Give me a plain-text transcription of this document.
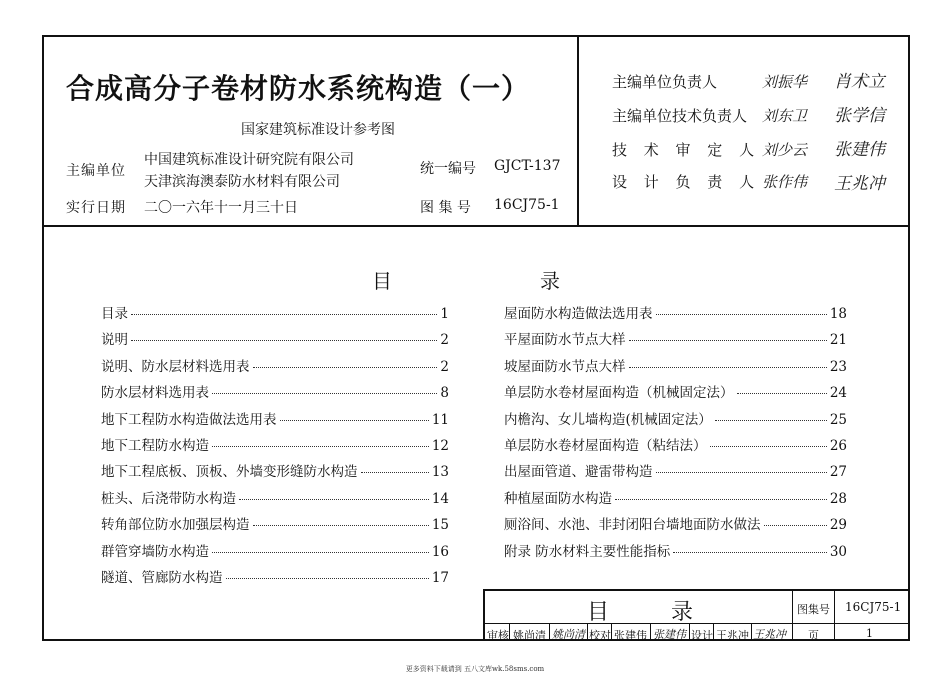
合成高分子卷材防水系统构造（一）
国家建筑标准设计参考图
主编单位
中国建筑标准设计研究院有限公司
天津滨海澳泰防水材料有限公司
实行日期 二〇一六年十一月三十日
统一编号 GJCT-137
图 集 号 16CJ75-1
主编单位负责人	刘振华 肖术立
主编单位技术负责人 刘东卫 张学信
技 术 审 定 人 刘少云 张建伟
设 计 负 责 人 张作伟 王兆冲
目	录
目录	1
说明	2
说明、防水层材料选用表	2
防水层材料选用表	8
地下工程防水构造做法选用表	11
地下工程防水构造	12
地下工程底板、顶板、外墙变形缝防水构造	13
桩头、后浇带防水构造	14
转角部位防水加强层构造	15
群管穿墙防水构造	16
隧道、管廊防水构造	17
屋面防水构造做法选用表	18
平屋面防水节点大样	21
坡屋面防水节点大样	23
单层防水卷材屋面构造（机械固定法）	24
内檐沟、女儿墙构造(机械固定法）	25
单层防水卷材屋面构造（粘结法）	26
出屋面管道、避雷带构造	27
种植屋面防水构造	28
厕浴间、水池、非封闭阳台墙地面防水做法	29
附录 防水材料主要性能指标	30
目	录	图集号 16CJ75-1
审核 姚尚清 姚尚清 校对 张建伟 张建伟 设计 王兆冲 王兆冲 页	1
更多资料下载请到 五八文库wk.58sms.com
